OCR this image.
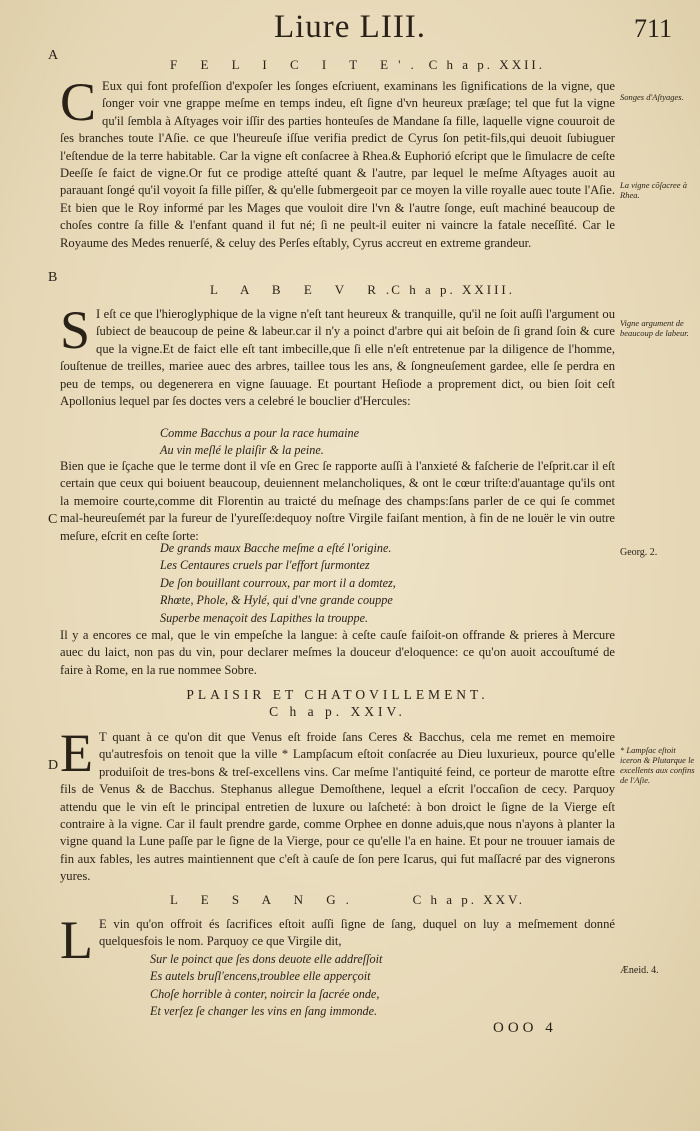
Liure LIII.	711
A
B
C
D
F E L I C I T E'. C h a p. XXII.

C Eux qui font profeſſion d'expoſer les ſonges eſcriuent, examinans les ſignifications de la vigne, que ſonger voir vne grappe meſme en temps indeu, eſt ſigne d'vn heureux præſage; tel que fut la vigne qu'il ſembla à Aſtyages voir iſſir des parties honteuſes de Mandane ſa fille, laquelle vigne couuroit de ſes branches toute l'Aſie. ce que l'heureuſe iſſue verifia predict de Cyrus ſon petit-fils,qui deuoit ſubiuguer l'eſtendue de la terre habitable. Car la vigne eſt conſacree à Rhea.& Euphorió eſcript que le ſimulacre de ceſte Deeſſe ſe faict de vigne.Or fut ce prodige atteſté quant & l'autre, par lequel le meſme Aſtyages auoit au parauant ſongé qu'il voyoit ſa fille piſſer, & qu'elle ſubmergeoit par ce moyen la ville royalle auec toute l'Aſie. Et bien que le Roy informé par les Mages que vouloit dire l'vn & l'autre ſonge, euſt machiné beaucoup de choſes contre ſa fille & l'enfant quand il fut né; ſi ne peult-il euiter ni vaincre la fatale neceſſité. Car le Royaume des Medes renuerſé, & celuy des Perſes eſtably, Cyrus accreut en extreme grandeur.

L A B E V R.
C h a p. XXIII.

S I eſt ce que l'hieroglyphique de la vigne n'eſt tant heureux & tranquille, qu'il ne ſoit auſſi l'argument ou ſubiect de beaucoup de peine & labeur.car il n'y a poinct d'arbre qui ait beſoin de ſi grand ſoin & cure que la vigne.Et de faict elle eſt tant imbecille,que ſi elle n'eſt entretenue par la diligence de l'homme, ſouſtenue de treilles, mariee auec des arbres, taillee tous les ans, & ſongneuſement gardee, elle ſe perdra en peu de temps, ou degenerera en vigne ſauuage. Et pourtant Heſiode a proprement dict, ou bien ſoit ceſt Apollonius lequel par ſes doctes vers a celebré le bouclier d'Hercules:

Comme Bacchus a pour la race humaine
Au vin meſlé le plaiſir & la peine.

Bien que ie ſçache que le terme dont il vſe en Grec ſe rapporte auſſi à l'anxieté & faſcherie de l'eſprit.car il eſt certain que ceux qui boiuent beaucoup, deuiennent melancholiques, & ont le cœur triſte:d'auantage qu'ils ont la memoire courte,comme dit Florentin au traicté du meſnage des champs:ſans parler de ce qui ſe commet mal-heureuſemét par la fureur de l'yureſſe:dequoy noſtre Virgile faiſant mention, à fin de ne louër le vin outre meſure, eſcrit en ceſte ſorte:

De grands maux Bacche meſme a eſté l'origine.
Les Centaures cruels par l'effort ſurmontez
De ſon bouillant courroux, par mort il a domtez,
Rhœte, Phole, & Hylé, qui d'vne grande couppe
Superbe menaçoit des Lapithes la trouppe.

Il y a encores ce mal, que le vin empeſche la langue: à ceſte cauſe faiſoit-on offrande & prieres à Mercure auec du laict, non pas du vin, pour declarer meſmes la douceur d'eloquence: ce qu'on auoit accouſtumé de faire à Rome, en la rue nommee Sobre.

PLAISIR ET CHATOVILLEMENT.
C h a p. XXIV.

E T quant à ce qu'on dit que Venus eſt froide ſans Ceres & Bacchus, cela me remet en memoire qu'autresfois on tenoit que la ville * Lampſacum eſtoit conſacrée au Dieu luxurieux, pource qu'elle produiſoit de tres-bons & treſ-excellens vins. Car meſme l'antiquité feind, ce porteur de marotte eſtre fils de Venus & de Bacchus. Stephanus allegue Demoſthene, lequel a eſcrit l'occaſion de cecy. Parquoy attendu que le vin eſt le principal entretien de luxure ou laſcheté: à bon droict le ſigne de la Vierge eſt contraire à la vigne. Car il fault prendre garde, comme Orphee en donne aduis,que nous n'ayons à planter la vigne quand la Lune paſſe par le ſigne de la Vierge, pour ce qu'elle l'a en haine. Et pour ne trouuer iamais de fin aux fables, les autres maintiennent que c'eſt à cauſe de ſon pere Icarus, qui fut maſſacré par des vignerons yures.

L E S A N G.	C h a p. XXV.

L E vin qu'on offroit és ſacrifices eſtoit auſſi ſigne de ſang, duquel on luy a meſmement donné quelquesfois le nom. Parquoy ce que Virgile dit,

Sur le poinct que ſes dons deuote elle addreſſoit
Es autels bruſl'encens,troublee elle apperçoit
Choſe horrible à conter, noircir la ſacrée onde,
Et verſez ſe changer les vins en ſang immonde.
Songes d'Aſtyages.
La vigne cõſacree à Rhea.
Vigne argument de beaucoup de labeur.
Georg. 2.
* Lampſac eſtoit iceron & Plutarque le excellents aux confins de l'Aſie.
Æneid. 4.
OOO 4
